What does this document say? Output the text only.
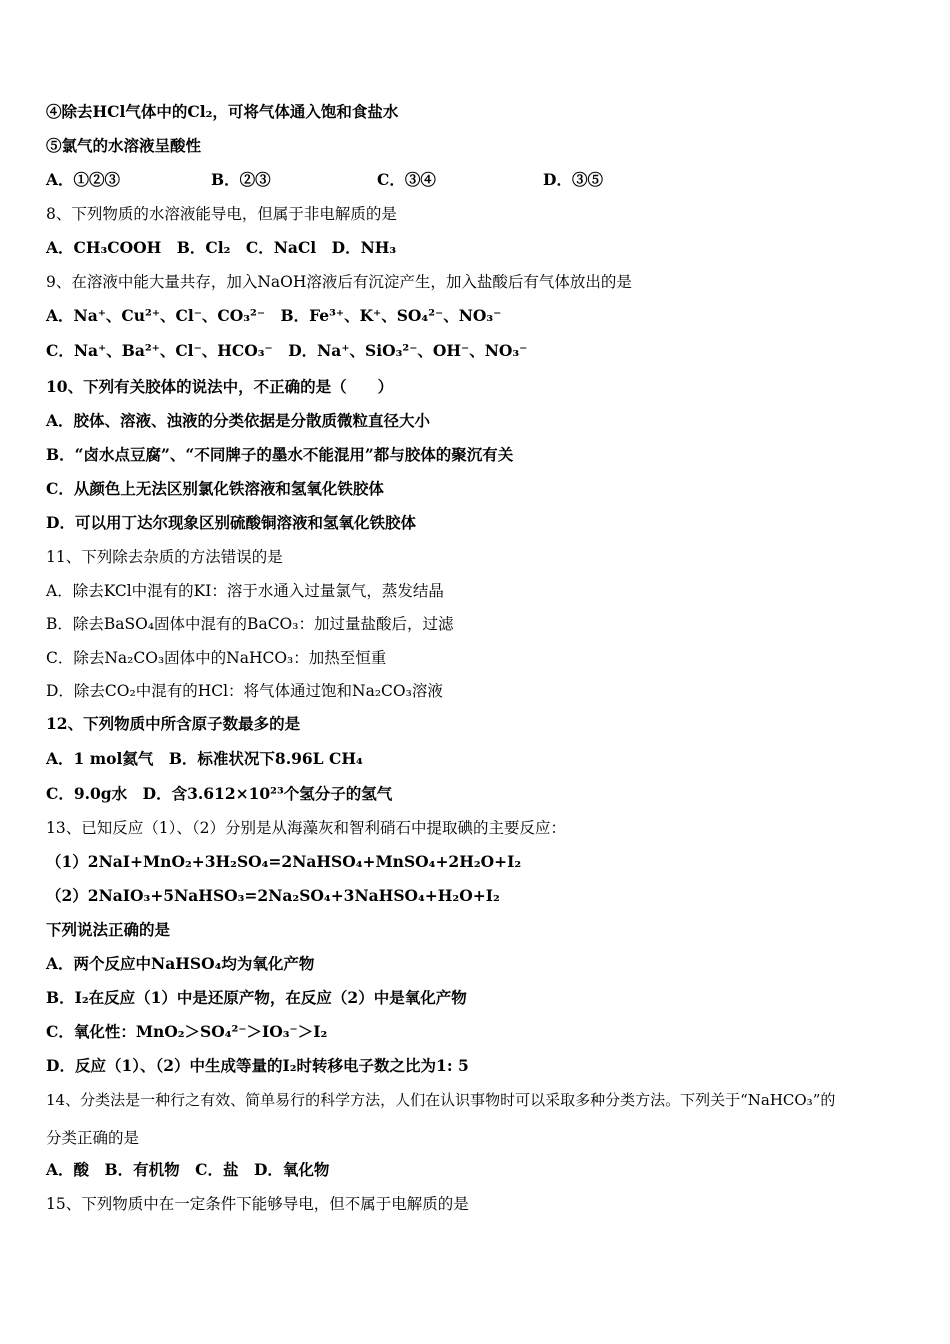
④除去HCl气体中的Cl₂，可将气体通入饱和食盐水
⑤氯气的水溶液呈酸性
A．①②③	B．②③	C．③④	D．③⑤
8、下列物质的水溶液能导电，但属于非电解质的是
A．CH₃COOH　B．Cl₂　C．NaCl　D．NH₃
9、在溶液中能大量共存，加入NaOH溶液后有沉淀产生，加入盐酸后有气体放出的是
A．Na⁺、Cu²⁺、Cl⁻、CO₃²⁻　B．Fe³⁺、K⁺、SO₄²⁻、NO₃⁻
C．Na⁺、Ba²⁺、Cl⁻、HCO₃⁻　D．Na⁺、SiO₃²⁻、OH⁻、NO₃⁻
10、下列有关胶体的说法中，不正确的是（　　）
A．胶体、溶液、浊液的分类依据是分散质微粒直径大小
B．“卤水点豆腐”、“不同牌子的墨水不能混用”都与胶体的聚沉有关
C．从颜色上无法区别氯化铁溶液和氢氧化铁胶体
D．可以用丁达尔现象区别硫酸铜溶液和氢氧化铁胶体
11、下列除去杂质的方法错误的是
A．除去KCl中混有的KI：溶于水通入过量氯气，蒸发结晶
B．除去BaSO₄固体中混有的BaCO₃：加过量盐酸后，过滤
C．除去Na₂CO₃固体中的NaHCO₃：加热至恒重
D．除去CO₂中混有的HCl：将气体通过饱和Na₂CO₃溶液
12、下列物质中所含原子数最多的是
A．1 mol氦气　B．标准状况下8.96L CH₄
C．9.0g水　D．含3.612×10²³个氢分子的氢气
13、已知反应（1）、（2）分别是从海藻灰和智利硝石中提取碘的主要反应：
（1）2NaI+MnO₂+3H₂SO₄=2NaHSO₄+MnSO₄+2H₂O+I₂
（2）2NaIO₃+5NaHSO₃=2Na₂SO₄+3NaHSO₄+H₂O+I₂
下列说法正确的是
A．两个反应中NaHSO₄均为氧化产物
B．I₂在反应（1）中是还原产物，在反应（2）中是氧化产物
C．氧化性：MnO₂＞SO₄²⁻＞IO₃⁻＞I₂
D．反应（1）、（2）中生成等量的I₂时转移电子数之比为1: 5
14、分类法是一种行之有效、简单易行的科学方法，人们在认识事物时可以采取多种分类方法。下列关于“NaHCO₃”的
分类正确的是
A．酸　B．有机物　C．盐　D．氧化物
15、下列物质中在一定条件下能够导电，但不属于电解质的是
